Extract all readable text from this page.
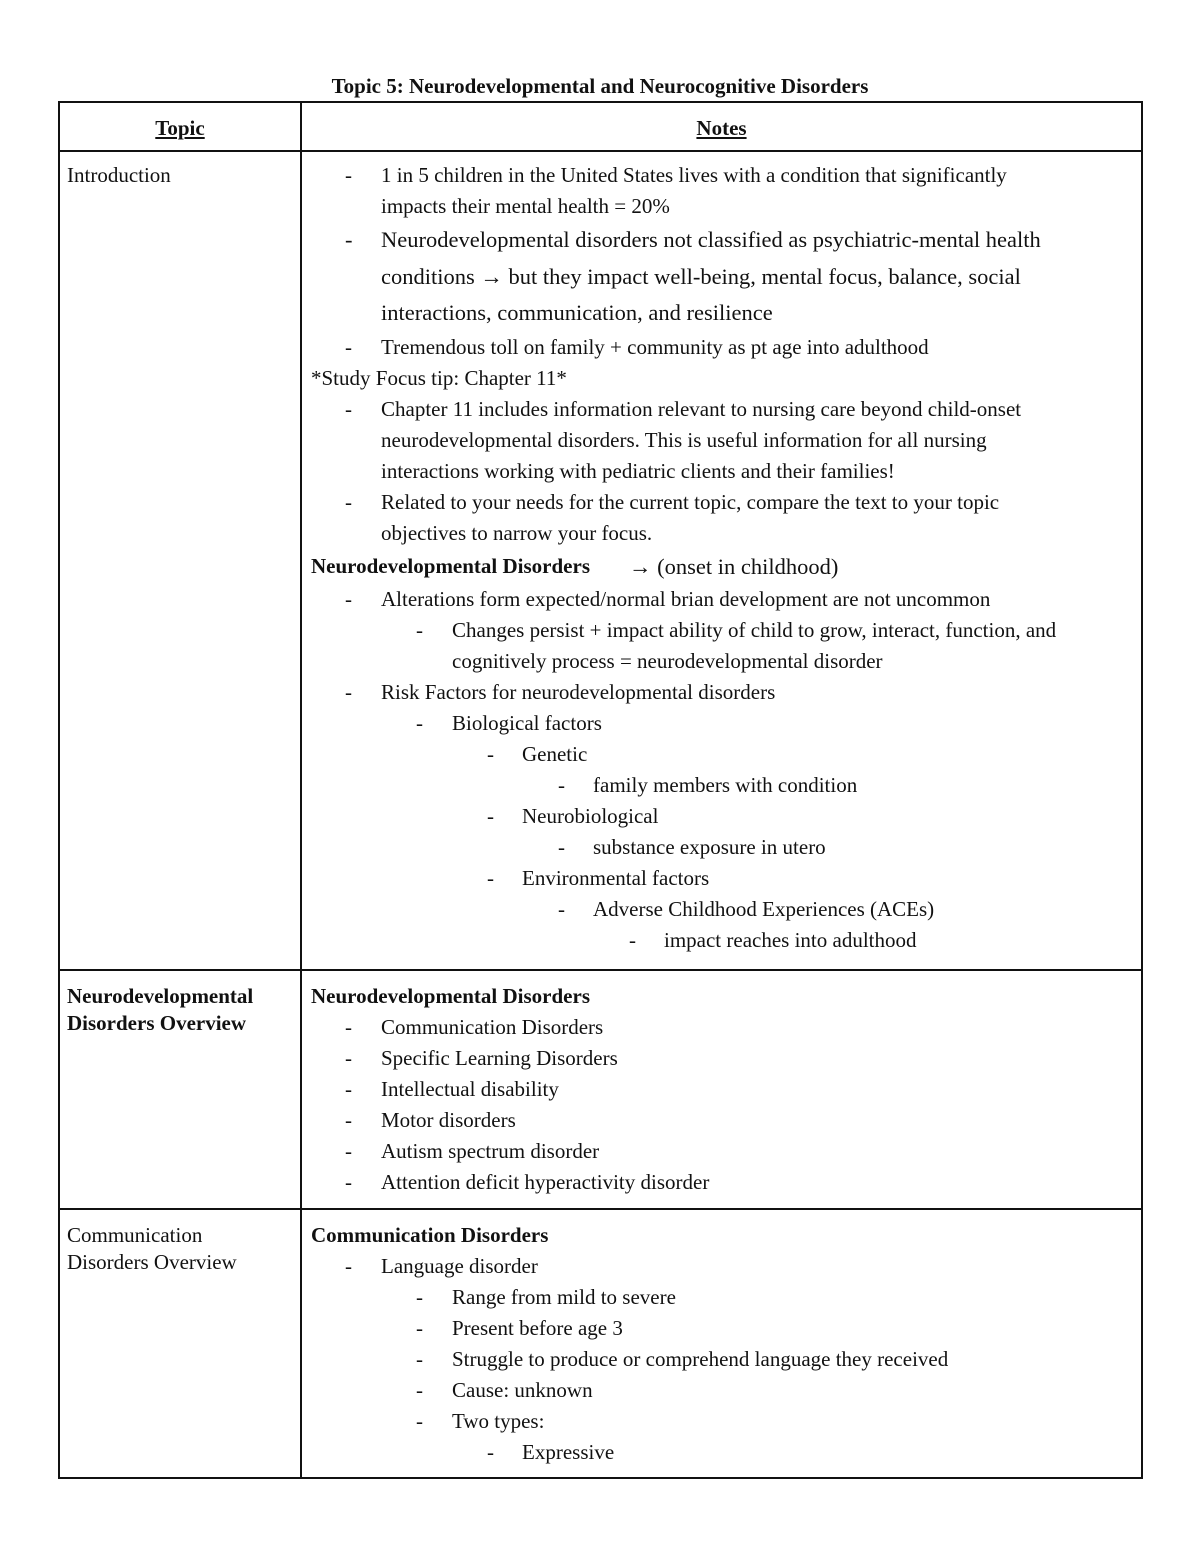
Topic 5: Neurodevelopmental and Neurocognitive Disorders
Topic	Notes
Introduction	- 1 in 5 children in the United States lives with a condition that significantly

impacts their mental health = 20%

- Neurodevelopmental disorders not classified as psychiatric-mental health

conditions → but they impact well-being, mental focus, balance, social

interactions, communication, and resilience

- Tremendous toll on family + community as pt age into adulthood

*Study Focus tip: Chapter 11*

- Chapter 11 includes information relevant to nursing care beyond child-onset

neurodevelopmental disorders. This is useful information for all nursing

interactions working with pediatric clients and their families!

- Related to your needs for the current topic, compare the text to your topic

objectives to narrow your focus.

Neurodevelopmental Disorders → (onset in childhood)

- Alterations form expected/normal brian development are not uncommon

- Changes persist + impact ability of child to grow, interact, function, and

cognitively process = neurodevelopmental disorder

- Risk Factors for neurodevelopmental disorders

- Biological factors

- Genetic

- family members with condition

- Neurobiological

- substance exposure in utero

- Environmental factors

- Adverse Childhood Experiences (ACEs)

- impact reaches into adulthood

Neurodevelopmental
Disorders Overview
Neurodevelopmental Disorders

- Communication Disorders

- Specific Learning Disorders

- Intellectual disability

- Motor disorders

- Autism spectrum disorder

- Attention deficit hyperactivity disorder

Communication
Disorders Overview
Communication Disorders

- Language disorder

- Range from mild to severe

- Present before age 3

- Struggle to produce or comprehend language they received

- Cause: unknown

- Two types:

- Expressive
